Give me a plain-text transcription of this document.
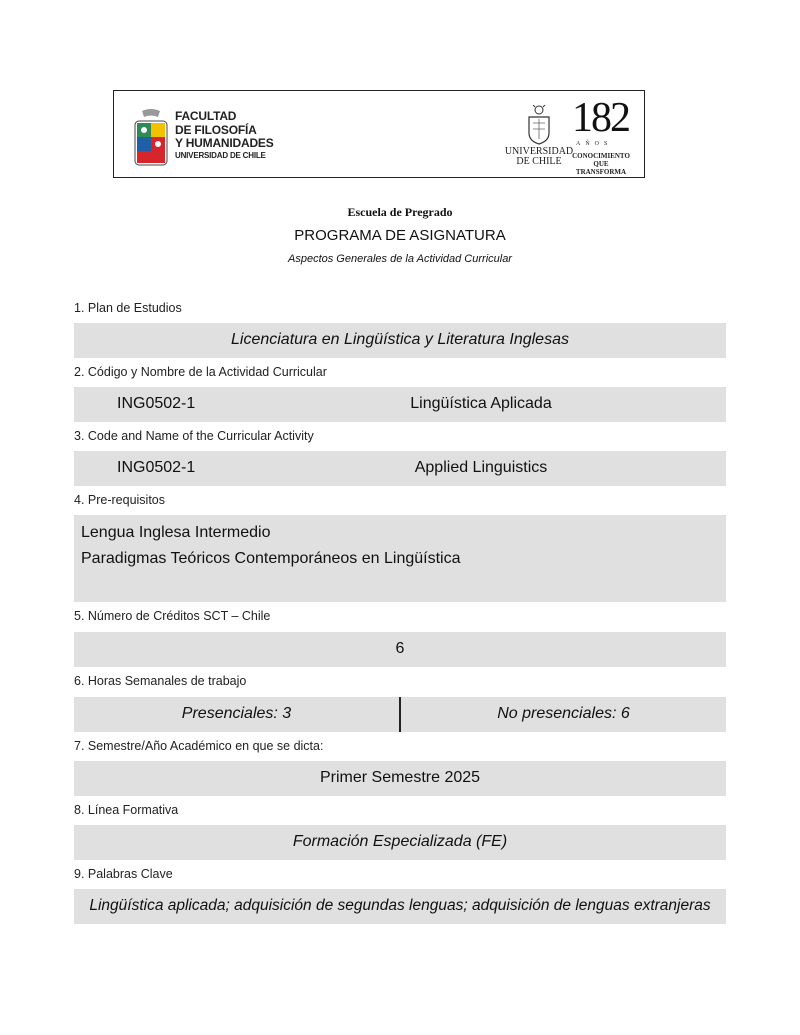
FACULTAD
DE FILOSOFÍA
Y HUMANIDADES
UNIVERSIDAD DE CHILE	UNIVERSIDAD
DE CHILE
182
AÑOS
CONOCIMIENTO
QUE TRANSFORMA
Escuela de Pregrado
PROGRAMA DE ASIGNATURA
Aspectos Generales de la Actividad Curricular
1. Plan de Estudios
Licenciatura en Lingüística y Literatura Inglesas
2. Código y Nombre de la Actividad Curricular
ING0502-1	Lingüística Aplicada
3. Code and Name of the Curricular Activity
ING0502-1	Applied Linguistics
4. Pre-requisitos
Lengua Inglesa Intermedio
Paradigmas Teóricos Contemporáneos en Lingüística
5. Número de Créditos SCT – Chile
6
6. Horas Semanales de trabajo
Presenciales: 3	No presenciales: 6
7. Semestre/Año Académico en que se dicta:
Primer Semestre 2025
8. Línea Formativa
Formación Especializada (FE)
9. Palabras Clave
Lingüística aplicada; adquisición de segundas lenguas; adquisición de lenguas extranjeras
